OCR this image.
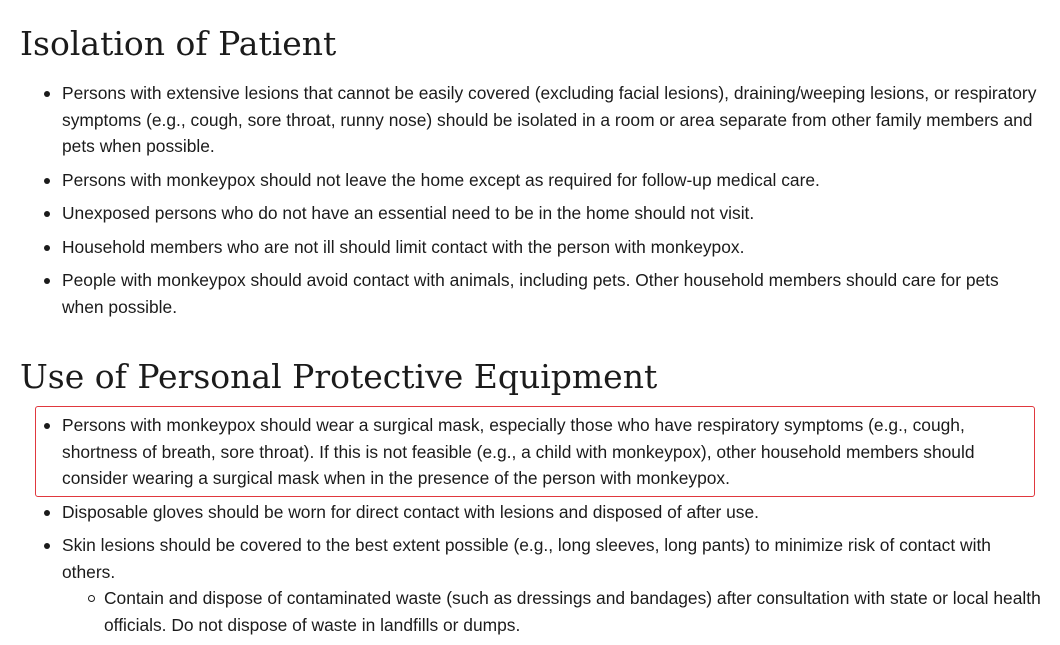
Isolation of Patient
Persons with extensive lesions that cannot be easily covered (excluding facial lesions), draining/weeping lesions, or respiratory symptoms (e.g., cough, sore throat, runny nose) should be isolated in a room or area separate from other family members and pets when possible.
Persons with monkeypox should not leave the home except as required for follow-up medical care.
Unexposed persons who do not have an essential need to be in the home should not visit.
Household members who are not ill should limit contact with the person with monkeypox.
People with monkeypox should avoid contact with animals, including pets. Other household members should care for pets when possible.
Use of Personal Protective Equipment
Persons with monkeypox should wear a surgical mask, especially those who have respiratory symptoms (e.g., cough, shortness of breath, sore throat). If this is not feasible (e.g., a child with monkeypox), other household members should consider wearing a surgical mask when in the presence of the person with monkeypox.
Disposable gloves should be worn for direct contact with lesions and disposed of after use.
Skin lesions should be covered to the best extent possible (e.g., long sleeves, long pants) to minimize risk of contact with others.
Contain and dispose of contaminated waste (such as dressings and bandages) after consultation with state or local health officials. Do not dispose of waste in landfills or dumps.
